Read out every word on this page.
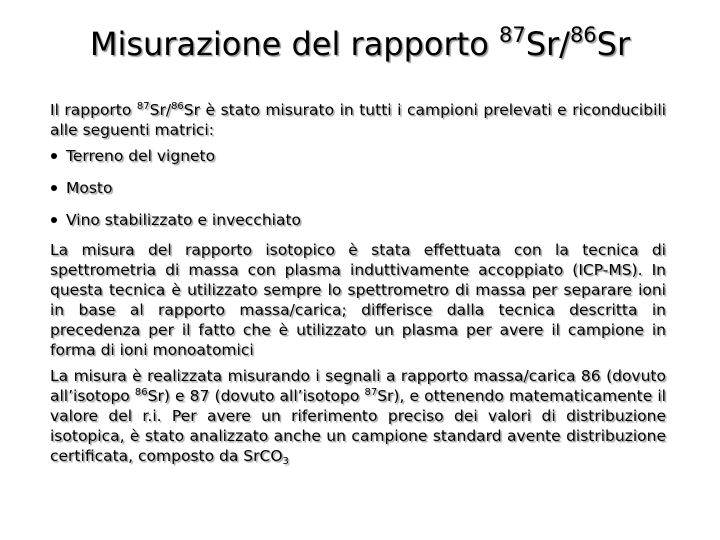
Misurazione del rapporto $^{87}$Sr/$^{86}$Sr

Il rapporto $^{87}$Sr/$^{86}$Sr è stato misurato in tutti i campioni prelevati e riconducibili alle seguenti matrici:

Terreno del vigneto
Mosto
Vino stabilizzato e invecchiato

La misura del rapporto isotopico è stata effettuata con la tecnica di spettrometria di massa con plasma induttivamente accoppiato (ICP-MS). In questa tecnica è utilizzato sempre lo spettrometro di massa per separare ioni in base al rapporto massa/carica; differisce dalla tecnica descritta in precedenza per il fatto che è utilizzato un plasma per avere il campione in forma di ioni monoatomici

La misura è realizzata misurando i segnali a rapporto massa/carica 86 (dovuto all’isotopo $^{86}$Sr) e 87 (dovuto all’isotopo $^{87}$Sr), e ottenendo matematicamente il valore del r.i. Per avere un riferimento preciso dei valori di distribuzione isotopica, è stato analizzato anche un campione standard avente distribuzione certificata, composto da SrCO$_3$
